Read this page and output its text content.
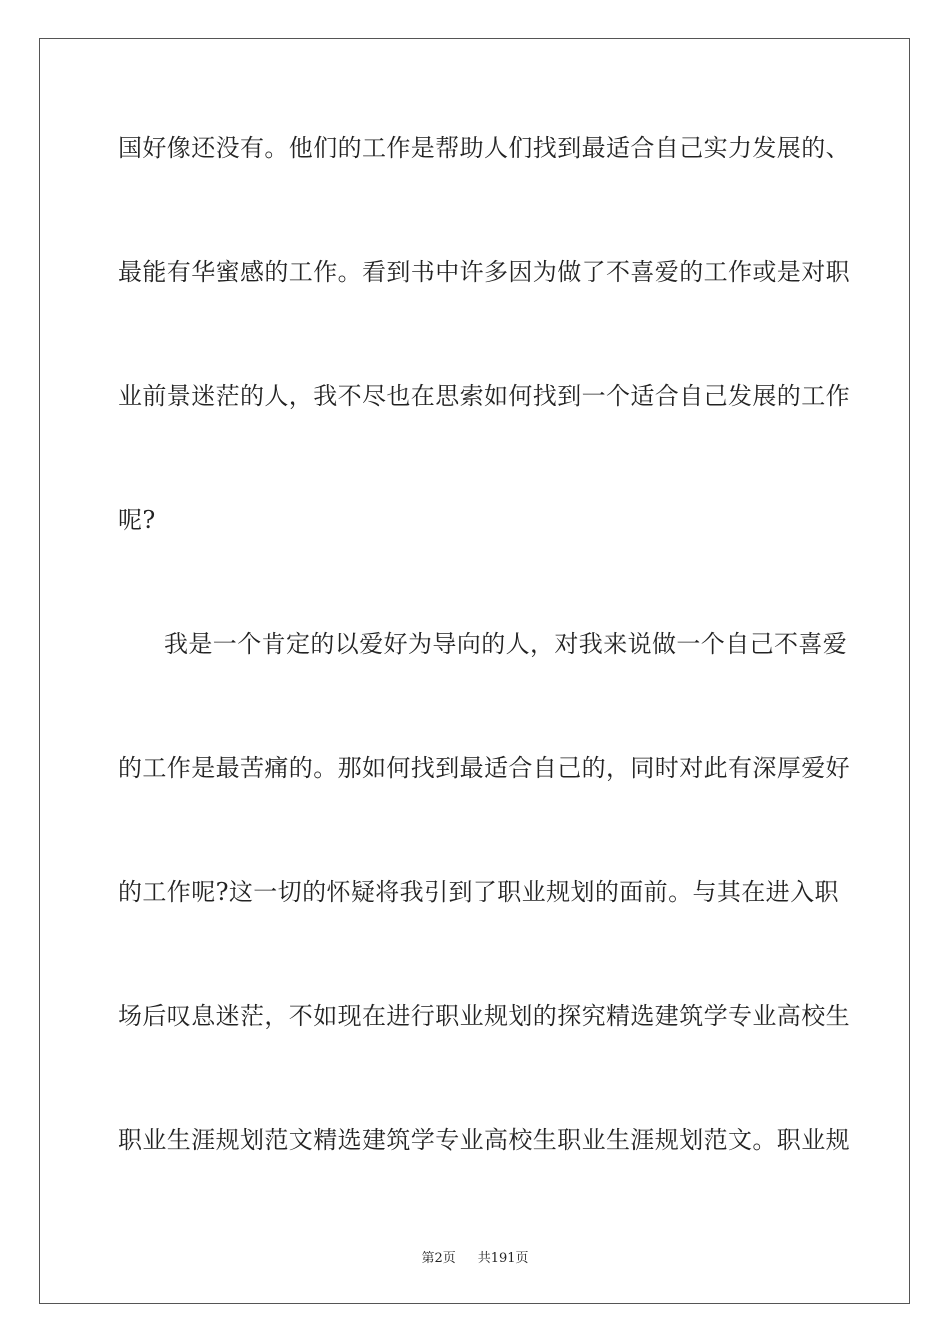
国好像还没有。他们的工作是帮助人们找到最适合自己实力发展的、
最能有华蜜感的工作。看到书中许多因为做了不喜爱的工作或是对职
业前景迷茫的人，我不尽也在思索如何找到一个适合自己发展的工作
呢?
我是一个肯定的以爱好为导向的人，对我来说做一个自己不喜爱
的工作是最苦痛的。那如何找到最适合自己的，同时对此有深厚爱好
的工作呢?这一切的怀疑将我引到了职业规划的面前。与其在进入职
场后叹息迷茫，不如现在进行职业规划的探究精选建筑学专业高校生
职业生涯规划范文精选建筑学专业高校生职业生涯规划范文。职业规
第2页 共191页
